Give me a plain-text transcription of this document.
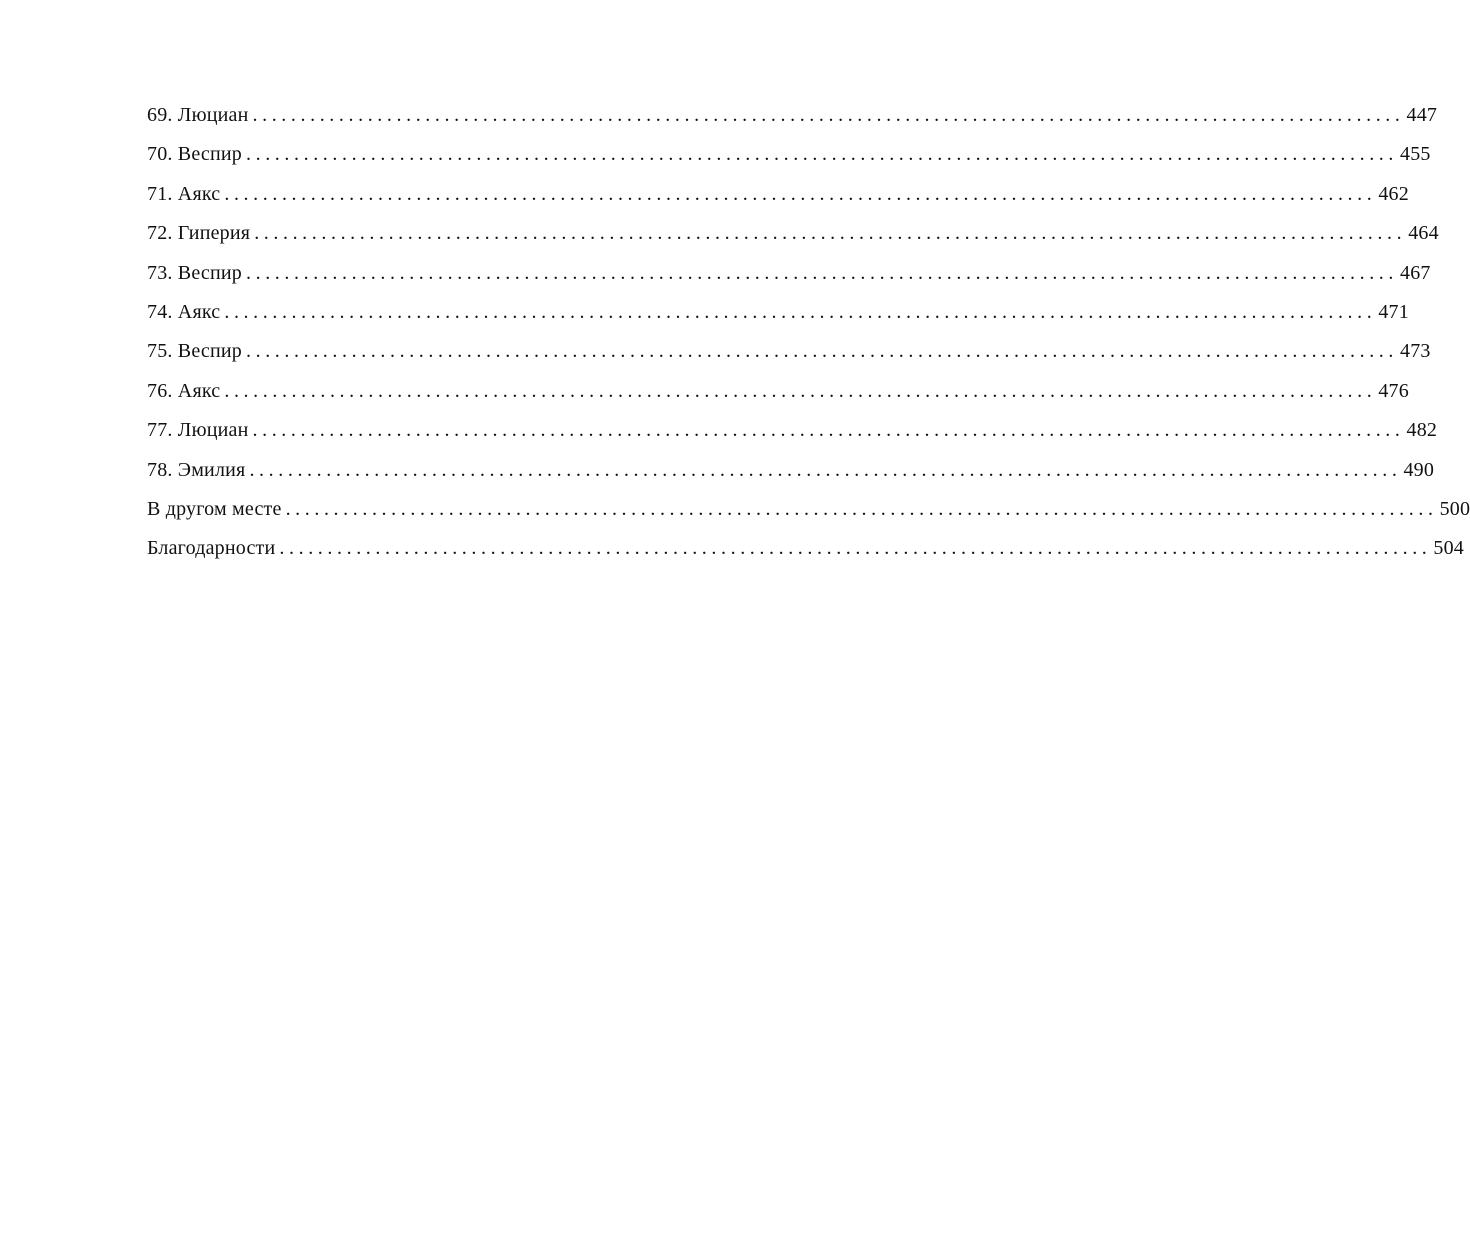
69. Люциан ........................................................................................................................ 447
70. Веспир ........................................................................................................................ 455
71. Аякс ........................................................................................................................ 462
72. Гиперия ........................................................................................................................ 464
73. Веспир ........................................................................................................................ 467
74. Аякс ........................................................................................................................ 471
75. Веспир ........................................................................................................................ 473
76. Аякс ........................................................................................................................ 476
77. Люциан ........................................................................................................................ 482
78. Эмилия ........................................................................................................................ 490
В другом месте ........................................................................................................................ 500
Благодарности ........................................................................................................................ 504
